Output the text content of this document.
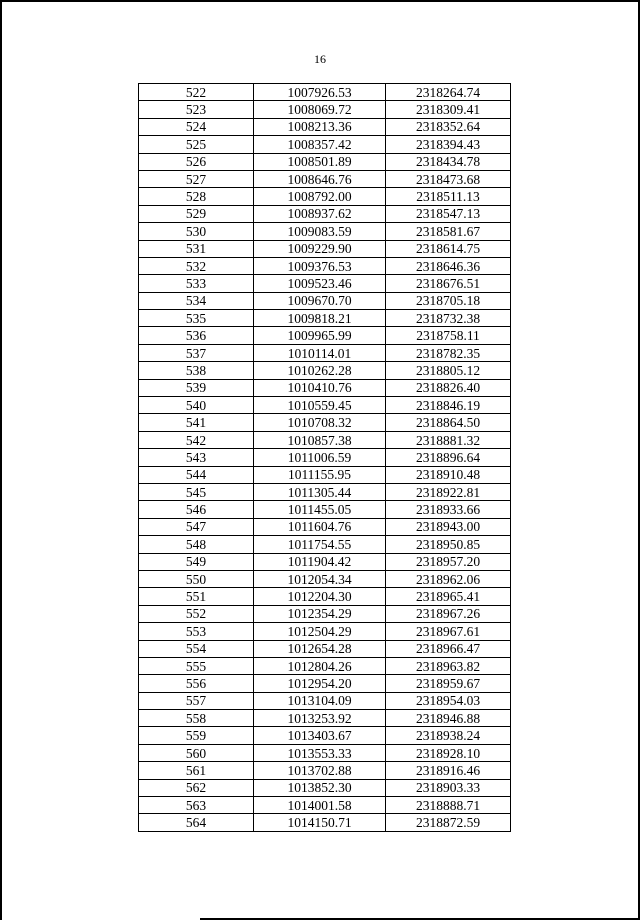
16
522	1007926.53	2318264.74
523	1008069.72	2318309.41
524	1008213.36	2318352.64
525	1008357.42	2318394.43
526	1008501.89	2318434.78
527	1008646.76	2318473.68
528	1008792.00	2318511.13
529	1008937.62	2318547.13
530	1009083.59	2318581.67
531	1009229.90	2318614.75
532	1009376.53	2318646.36
533	1009523.46	2318676.51
534	1009670.70	2318705.18
535	1009818.21	2318732.38
536	1009965.99	2318758.11
537	1010114.01	2318782.35
538	1010262.28	2318805.12
539	1010410.76	2318826.40
540	1010559.45	2318846.19
541	1010708.32	2318864.50
542	1010857.38	2318881.32
543	1011006.59	2318896.64
544	1011155.95	2318910.48
545	1011305.44	2318922.81
546	1011455.05	2318933.66
547	1011604.76	2318943.00
548	1011754.55	2318950.85
549	1011904.42	2318957.20
550	1012054.34	2318962.06
551	1012204.30	2318965.41
552	1012354.29	2318967.26
553	1012504.29	2318967.61
554	1012654.28	2318966.47
555	1012804.26	2318963.82
556	1012954.20	2318959.67
557	1013104.09	2318954.03
558	1013253.92	2318946.88
559	1013403.67	2318938.24
560	1013553.33	2318928.10
561	1013702.88	2318916.46
562	1013852.30	2318903.33
563	1014001.58	2318888.71
564	1014150.71	2318872.59
